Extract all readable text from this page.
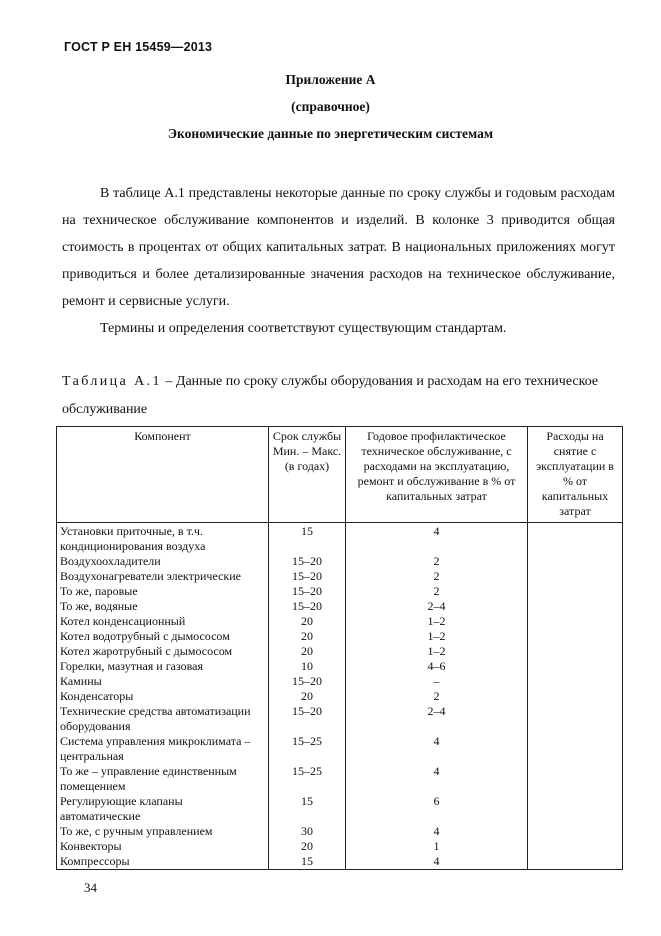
ГОСТ Р ЕН 15459—2013
Приложение А
(справочное)
Экономические данные по энергетическим системам

В таблице А.1 представлены некоторые данные по сроку службы и годовым расходам на техническое обслуживание компонентов и изделий. В колонке 3 приводится общая стоимость в процентах от общих капитальных затрат. В национальных приложениях могут приводиться и более детализированные значения расходов на техническое обслуживание, ремонт и сервисные услуги.

Термины и определения соответствуют существующим стандартам.

Таблица А.1 – Данные по сроку службы оборудования и расходам на его техническое обслуживание

Компонент	Срок службы Мин. – Макс. (в годах)	Годовое профилактическое техническое обслуживание, с расходами на эксплуатацию, ремонт и обслуживание в % от капитальных затрат	Расходы на снятие с эксплуатации в % от капитальных затрат
Установки приточные, в т.ч. кондиционирования воздуха	15	4	
Воздухоохладители	15–20	2	
Воздухонагреватели электрические	15–20	2	
То же, паровые	15–20	2	
То же, водяные	15–20	2–4	
Котел конденсационный	20	1–2	
Котел водотрубный с дымососом	20	1–2	
Котел жаротрубный с дымососом	20	1–2	
Горелки, мазутная и газовая	10	4–6	
Камины	15–20	–	
Конденсаторы	20	2	
Технические средства автоматизации оборудования	15–20	2–4	
Система управления микроклимата – центральная	15–25	4	
То же – управление единственным помещением	15–25	4	
Регулирующие клапаны автоматические	15	6	
То же, с ручным управлением	30	4	
Конвекторы	20	1	
Компрессоры	15	4	
34
